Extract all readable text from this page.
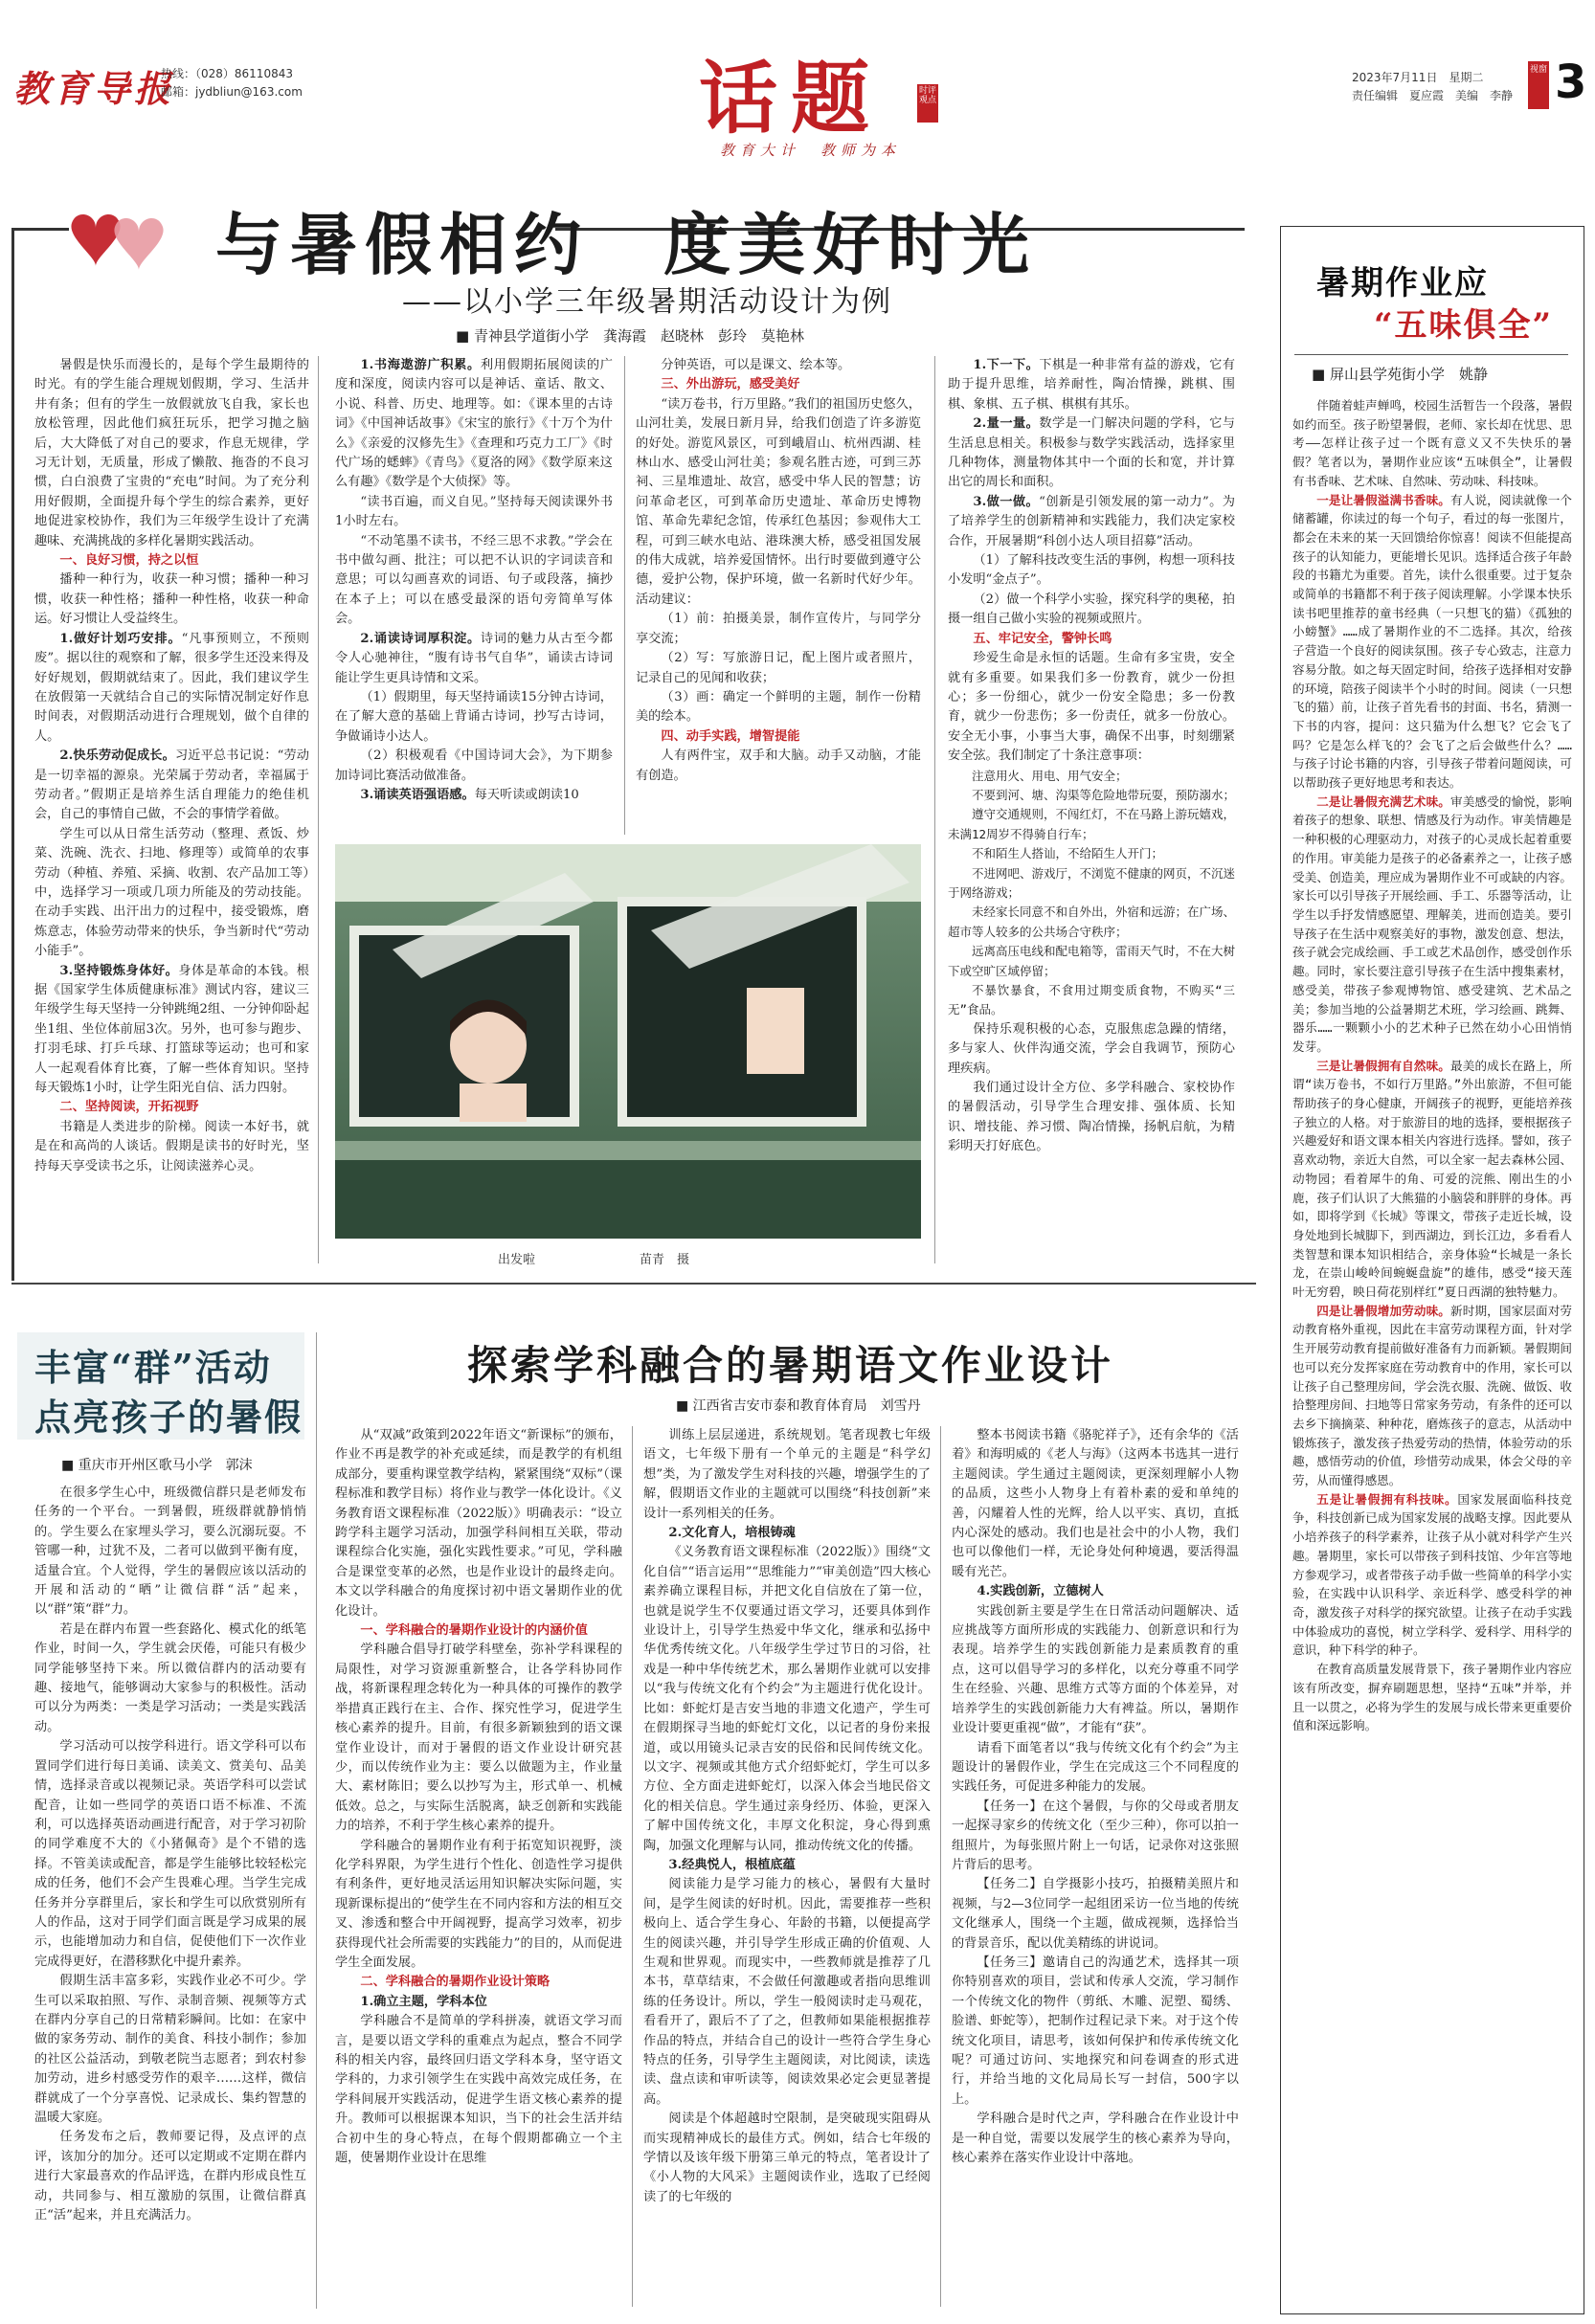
教育导报
热线：（028）86110843
邮箱：jydbliun@163.com	话题	时评观点
教育大计　教师为本
2023年7月11日　星期二
责任编辑　夏应霞　美编　李静
视窗 3
与暑假相约　度美好时光
——以小学三年级暑期活动设计为例
■ 青神县学道街小学　龚海霞　赵晓林　彭玲　莫艳林

暑假是快乐而漫长的，是每个学生最期待的时光。有的学生能合理规划假期，学习、生活井井有条；但有的学生一放假就放飞自我，家长也放松管理，因此他们疯狂玩乐，把学习抛之脑后，大大降低了对自己的要求，作息无规律，学习无计划，无质量，形成了懒散、拖沓的不良习惯，白白浪费了宝贵的“充电”时间。为了充分利用好假期，全面提升每个学生的综合素养，更好地促进家校协作，我们为三年级学生设计了充满趣味、充满挑战的多样化暑期实践活动。

一、良好习惯，持之以恒

播种一种行为，收获一种习惯；播种一种习惯，收获一种性格；播种一种性格，收获一种命运。好习惯让人受益终生。

1.做好计划巧安排。“凡事预则立，不预则废”。据以往的观察和了解，很多学生还没来得及好好规划，假期就结束了。因此，我们建议学生在放假第一天就结合自己的实际情况制定好作息时间表，对假期活动进行合理规划，做个自律的人。

2.快乐劳动促成长。习近平总书记说：“劳动是一切幸福的源泉。光荣属于劳动者，幸福属于劳动者。”假期正是培养生活自理能力的绝佳机会，自己的事情自己做，不会的事情学着做。

学生可以从日常生活劳动（整理、煮饭、炒菜、洗碗、洗衣、扫地、修理等）或简单的农事劳动（种植、养殖、采摘、收割、农产品加工等）中，选择学习一项或几项力所能及的劳动技能。在动手实践、出汗出力的过程中，接受锻炼，磨炼意志，体验劳动带来的快乐，争当新时代“劳动小能手”。

3.坚持锻炼身体好。身体是革命的本钱。根据《国家学生体质健康标准》测试内容，建议三年级学生每天坚持一分钟跳绳2组、一分钟仰卧起坐1组、坐位体前屈3次。另外，也可参与跑步、打羽毛球、打乒乓球、打篮球等运动；也可和家人一起观看体育比赛，了解一些体育知识。坚持每天锻炼1小时，让学生阳光自信、活力四射。

二、坚持阅读，开拓视野

书籍是人类进步的阶梯。阅读一本好书，就是在和高尚的人谈话。假期是读书的好时光，坚持每天享受读书之乐，让阅读滋养心灵。

1.书海遨游广积累。利用假期拓展阅读的广度和深度，阅读内容可以是神话、童话、散文、小说、科普、历史、地理等。如：《课本里的古诗词》《中国神话故事》《宋宝的旅行》《十万个为什么》《亲爱的汉修先生》《查理和巧克力工厂》《时代广场的蟋蟀》《青鸟》《夏洛的网》《数学原来这么有趣》《数学是个大侦探》等。

“读书百遍，而义自见。”坚持每天阅读课外书1小时左右。

“不动笔墨不读书，不经三思不求教。”学会在书中做勾画、批注；可以把不认识的字词读音和意思；可以勾画喜欢的词语、句子或段落，摘抄在本子上；可以在感受最深的语句旁简单写体会。

2.诵读诗词厚积淀。诗词的魅力从古至今都令人心驰神往，“腹有诗书气自华”，诵读古诗词能让学生更具诗情和文采。

（1）假期里，每天坚持诵读15分钟古诗词，在了解大意的基础上背诵古诗词，抄写古诗词，争做诵诗小达人。

（2）积极观看《中国诗词大会》，为下期参加诗词比赛活动做准备。

3.诵读英语强语感。每天听读或朗读10

分钟英语，可以是课文、绘本等。

三、外出游玩，感受美好

“读万卷书，行万里路。”我们的祖国历史悠久，山河壮美，发展日新月异，给我们创造了许多游览的好处。游览风景区，可到峨眉山、杭州西湖、桂林山水、感受山河壮美；参观名胜古迹，可到三苏祠、三星堆遗址、故宫，感受中华人民的智慧；访问革命老区，可到革命历史遗址、革命历史博物馆、革命先辈纪念馆，传承红色基因；参观伟大工程，可到三峡水电站、港珠澳大桥，感受祖国发展的伟大成就，培养爱国情怀。出行时要做到遵守公德，爱护公物，保护环境，做一名新时代好少年。活动建议：

（1）前：拍摄美景，制作宣传片，与同学分享交流；

（2）写：写旅游日记，配上图片或者照片，记录自己的见闻和收获；

（3）画：确定一个鲜明的主题，制作一份精美的绘本。

四、动手实践，增智提能

人有两件宝，双手和大脑。动手又动脑，才能有创造。

1.下一下。下棋是一种非常有益的游戏，它有助于提升思维，培养耐性，陶冶情操，跳棋、围棋、象棋、五子棋、棋棋有其乐。

2.量一量。数学是一门解决问题的学科，它与生活息息相关。积极参与数学实践活动，选择家里几种物体，测量物体其中一个面的长和宽，并计算出它的周长和面积。

3.做一做。“创新是引领发展的第一动力”。为了培养学生的创新精神和实践能力，我们决定家校合作，开展暑期“科创小达人项目招募”活动。

（1）了解科技改变生活的事例，构想一项科技小发明“金点子”。

（2）做一个科学小实验，探究科学的奥秘，拍摄一组自己做小实验的视频或照片。

五、牢记安全，警钟长鸣

珍爱生命是永恒的话题。生命有多宝贵，安全就有多重要。如果我们多一份教育，就少一份担心；多一份细心，就少一份安全隐患；多一份教育，就少一份悲伤；多一份责任，就多一份放心。安全无小事，小事当大事，确保不出事，时刻绷紧安全弦。我们制定了十条注意事项：

注意用火、用电、用气安全；

不要到河、塘、沟渠等危险地带玩耍，预防溺水；

遵守交通规则，不闯红灯，不在马路上游玩嬉戏，未满12周岁不得骑自行车；

不和陌生人搭讪，不给陌生人开门；

不进网吧、游戏厅，不浏览不健康的网页，不沉迷于网络游戏；

未经家长同意不和自外出，外宿和远游；在广场、超市等人较多的公共场合守秩序；

远离高压电线和配电箱等，雷雨天气时，不在大树下或空旷区域停留；

不暴饮暴食，不食用过期变质食物，不购买“三无”食品。

保持乐观积极的心态，克服焦虑急躁的情绪，多与家人、伙伴沟通交流，学会自我调节，预防心理疾病。

我们通过设计全方位、多学科融合、家校协作的暑假活动，引导学生合理安排、强体质、长知识、增技能、养习惯、陶冶情操，扬帆启航，为精彩明天打好底色。

出发啦	苗青　摄
暑期作业应
“五味俱全”
■ 屏山县学苑街小学　姚静

伴随着蛙声蝉鸣，校园生活暂告一个段落，暑假如约而至。孩子盼望暑假，老师、家长却在忧思、思考——怎样让孩子过一个既有意义又不失快乐的暑假？笔者以为，暑期作业应该“五味俱全”，让暑假有书香味、艺术味、自然味、劳动味、科技味。

一是让暑假溢满书香味。有人说，阅读就像一个储蓄罐，你读过的每一个句子，看过的每一张图片，都会在未来的某一天回馈给你惊喜！阅读不但能提高孩子的认知能力，更能增长见识。选择适合孩子年龄段的书籍尤为重要。首先，读什么很重要。过于复杂或简单的书籍都不利于孩子阅读理解。小学课本快乐读书吧里推荐的童书经典（一只想飞的猫）《孤独的小螃蟹》……成了暑期作业的不二选择。其次，给孩子营造一个良好的阅读氛围。孩子专心致志，注意力容易分散。如之每天固定时间，给孩子选择相对安静的环境，陪孩子阅读半个小时的时间。阅读（一只想飞的猫）前，让孩子首先看书的封面、书名，猜测一下书的内容，提问：这只猫为什么想飞？它会飞了吗？它是怎么样飞的？会飞了之后会做些什么？……与孩子讨论书籍的内容，引导孩子带着问题阅读，可以帮助孩子更好地思考和表达。

二是让暑假充满艺术味。审美感受的愉悦，影响着孩子的想象、联想、情感及行为动作。审美情趣是一种积极的心理驱动力，对孩子的心灵成长起着重要的作用。审美能力是孩子的必备素养之一，让孩子感受美、创造美，理应成为暑期作业不可或缺的内容。家长可以引导孩子开展绘画、手工、乐器等活动，让学生以手抒发情感愿望、理解美，进而创造美。要引导孩子在生活中观察美好的事物，激发创意、想法，孩子就会完成绘画、手工或艺术品创作，感受创作乐趣。同时，家长要注意引导孩子在生活中搜集素材，感受美，带孩子参观博物馆、感受建筑、艺术品之美；参加当地的公益暑期艺术班，学习绘画、跳舞、器乐……一颗颗小小的艺术种子已然在幼小心田悄悄发芽。

三是让暑假拥有自然味。最美的成长在路上，所谓“读万卷书，不如行万里路。”外出旅游，不但可能帮助孩子的身心健康，开阔孩子的视野，更能培养孩子独立的人格。对于旅游目的地的选择，要根据孩子兴趣爱好和语文课本相关内容进行选择。譬如，孩子喜欢动物，亲近大自然，可以全家一起去森林公园、动物园；看着犀牛的角、可爱的浣熊、刚出生的小鹿，孩子们认识了大熊猫的小脑袋和胖胖的身体。再如，即将学到《长城》等课文，带孩子走近长城，设身处地到长城脚下，到西湖边，到长江边，多看看人类智慧和课本知识相结合，亲身体验“长城是一条长龙，在崇山峻岭间蜿蜒盘旋”的雄伟，感受“接天莲叶无穷碧，映日荷花别样红”夏日西湖的独特魅力。

四是让暑假增加劳动味。新时期，国家层面对劳动教育格外重视，因此在丰富劳动课程方面，针对学生开展劳动教育提前做好准备有力而新颖。暑假期间也可以充分发挥家庭在劳动教育中的作用，家长可以让孩子自己整理房间，学会洗衣服、洗碗、做饭、收拾整理房间、扫地等日常家务劳动，有条件的还可以去乡下摘摘菜、种种花，磨炼孩子的意志，从活动中锻炼孩子，激发孩子热爱劳动的热情，体验劳动的乐趣，感悟劳动的价值，珍惜劳动成果，体会父母的辛劳，从而懂得感恩。

五是让暑假拥有科技味。国家发展面临科技竞争，科技创新已成为国家发展的战略支撑。因此要从小培养孩子的科学素养，让孩子从小就对科学产生兴趣。暑期里，家长可以带孩子到科技馆、少年宫等地方参观学习，或者带孩子动手做一些简单的科学小实验，在实践中认识科学、亲近科学、感受科学的神奇，激发孩子对科学的探究欲望。让孩子在动手实践中体验成功的喜悦，树立学科学、爱科学、用科学的意识，种下科学的种子。

在教育高质量发展背景下，孩子暑期作业内容应该有所改变，摒弃刷题思想，坚持“五味”并举，并且一以贯之，必将为学生的发展与成长带来更重要价值和深远影响。

丰富“群”活动
点亮孩子的暑假
■ 重庆市开州区歌马小学　郭沫

在很多学生心中，班级微信群只是老师发布任务的一个平台。一到暑假，班级群就静悄悄的。学生要么在家埋头学习，要么沉溺玩耍。不管哪一种，过犹不及，二者可以做到平衡有度，适量合宜。个人觉得，学生的暑假应该以活动的开展和活动的“晒”让微信群“活”起来，以“群”策“群”力。

若是在群内布置一些套路化、模式化的纸笔作业，时间一久，学生就会厌倦，可能只有极少同学能够坚持下来。所以微信群内的活动要有趣、接地气，能够调动大家参与的积极性。活动可以分为两类：一类是学习活动；一类是实践活动。

学习活动可以按学科进行。语文学科可以布置同学们进行每日美诵、读美文、赏美句、品美情，选择录音或以视频记录。英语学科可以尝试配音，让如一些同学的英语口语不标准、不流利，可以选择英语动画进行配音，对于学习初阶的同学难度不大的《小猪佩奇》是个不错的选择。不管美读或配音，都是学生能够比较轻松完成的任务，他们不会产生畏难心理。当学生完成任务并分享群里后，家长和学生可以欣赏别所有人的作品，这对于同学们面言既是学习成果的展示，也能增加动力和自信，促使他们下一次作业完成得更好，在潜移默化中提升素养。

假期生活丰富多彩，实践作业必不可少。学生可以采取拍照、写作、录制音频、视频等方式在群内分享自己的日常精彩瞬间。比如：在家中做的家务劳动、制作的美食、科技小制作；参加的社区公益活动，到敬老院当志愿者；到农村参加劳动，进乡村感受劳作的艰辛……这样，微信群就成了一个分享喜悦、记录成长、集约智慧的温暖大家庭。

任务发布之后，教师要记得，及点评的点评，该加分的加分。还可以定期或不定期在群内进行大家最喜欢的作品评选，在群内形成良性互动，共同参与、相互激励的氛围，让微信群真正“活”起来，并且充满活力。

探索学科融合的暑期语文作业设计
■ 江西省吉安市泰和教育体育局　刘雪丹

从“双减”政策到2022年语文“新课标”的颁布，作业不再是教学的补充或延续，而是教学的有机组成部分，要重构课堂教学结构，紧紧围绕“双标”（课程标准和教学目标）将作业与教学一体化设计。《义务教育语文课程标准（2022版）》明确表示：“设立跨学科主题学习活动，加强学科间相互关联，带动课程综合化实施，强化实践性要求。”可见，学科融合是课堂变革的必然，也是作业设计的最终走向。本文以学科融合的角度探讨初中语文暑期作业的优化设计。

一、学科融合的暑期作业设计的内涵价值

学科融合倡导打破学科壁垒，弥补学科课程的局限性，对学习资源重新整合，让各学科协同作战，将新课程理念转化为一种具体的可操作的教学举措真正践行在主、合作、探究性学习，促进学生核心素养的提升。目前，有很多新颖独到的语文课堂作业设计，而对于暑假的语文作业设计研究甚少，而以传统作业为主：要么以做题为主，作业量大、素材陈旧；要么以抄写为主，形式单一、机械低效。总之，与实际生活脱离，缺乏创新和实践能力的培养，不利于学生核心素养的提升。

学科融合的暑期作业有利于拓宽知识视野，淡化学科界限，为学生进行个性化、创造性学习提供有利条件，更好地灵活运用知识解决实际问题，实现新课标提出的“使学生在不同内容和方法的相互交叉、渗透和整合中开阔视野，提高学习效率，初步获得现代社会所需要的实践能力”的目的，从而促进学生全面发展。

二、学科融合的暑期作业设计策略

1.确立主题，学科本位

学科融合不是简单的学科拼凑，就语文学习而言，是要以语文学科的重难点为起点，整合不同学科的相关内容，最终回归语文学科本身，坚守语文学科的，力求引领学生在实践中高效完成任务，在学科间展开实践活动，促进学生语文核心素养的提升。教师可以根据课本知识，当下的社会生活并结合初中生的身心特点，在每个假期都确立一个主题，使暑期作业设计在思维

训练上层层递进，系统规划。笔者现教七年级语文，七年级下册有一个单元的主题是“科学幻想”类，为了激发学生对科技的兴趣，增强学生的了解，假期语文作业的主题就可以围绕“科技创新”来设计一系列相关的任务。

2.文化育人，培根铸魂

《义务教育语文课程标准（2022版）》围绕“文化自信”“语言运用”“思维能力”“审美创造”四大核心素养确立课程目标，并把文化自信放在了第一位，也就是说学生不仅要通过语文学习，还要具体到作业设计上，引导学生热爱中华文化，继承和弘扬中华优秀传统文化。八年级学生学过节日的习俗，社戏是一种中华传统艺术，那么暑期作业就可以安排以“我与传统文化有个约会”为主题进行优化设计。比如：虾蛇灯是吉安当地的非遗文化遗产，学生可在假期探寻当地的虾蛇灯文化，以记者的身份来报道，或以用镜头记录吉安的民俗和民间传统文化。以文字、视频或其他方式介绍虾蛇灯，学生可以多方位、全方面走进虾蛇灯，以深入体会当地民俗文化的相关信息。学生通过亲身经历、体验，更深入了解中国传统文化，丰厚文化积淀，身心得到熏陶，加强文化理解与认同，推动传统文化的传播。

3.经典悦人，根植底蕴

阅读能力是学习能力的核心，暑假有大量时间，是学生阅读的好时机。因此，需要推荐一些积极向上、适合学生身心、年龄的书籍，以便提高学生的阅读兴趣，并引导学生形成正确的价值观、人生观和世界观。而现实中，一些教师就是推荐了几本书，草草结束，不会做任何激趣或者指向思维训练的任务设计。所以，学生一般阅读时走马观花，看看开了，跟后不了了之，但教师如果能根据推荐作品的特点，并结合自己的设计一些符合学生身心特点的任务，引导学生主题阅读，对比阅读，读选读、盘点读和审听读等，阅读效果必定会更显著提高。

阅读是个体超越时空限制，是突破现实阻碍从而实现精神成长的最佳方式。例如，结合七年级的学情以及该年级下册第三单元的特点，笔者设计了《小人物的大风采》主题阅读作业，选取了已经阅读了的七年级的

整本书阅读书籍《骆驼祥子》，还有余华的《活着》和海明威的《老人与海》（这两本书选其一进行主题阅读。学生通过主题阅读，更深刻理解小人物的品质，这些小人物身上有着朴素的爱和单纯的善，闪耀着人性的光辉，给人以平实、真切，直抵内心深处的感动。我们也是社会中的小人物，我们也可以像他们一样，无论身处何种境遇，要活得温暖有光芒。

4.实践创新，立德树人

实践创新主要是学生在日常活动问题解决、适应挑战等方面所形成的实践能力、创新意识和行为表现。培养学生的实践创新能力是素质教育的重点，这可以倡导学习的多样化，以充分尊重不同学生在经验、兴趣、思维方式等方面的个体差异，对培养学生的实践创新能力大有裨益。所以，暑期作业设计要更重视“做”，才能有“获”。

请看下面笔者以“我与传统文化有个约会”为主题设计的暑假作业，学生在完成这三个不同程度的实践任务，可促进多种能力的发展。

【任务一】在这个暑假，与你的父母或者朋友一起探寻家乡的传统文化（至少三种），你可以拍一组照片，为每张照片附上一句话，记录你对这张照片背后的思考。

【任务二】自学摄影小技巧，拍摄精美照片和视频，与2—3位同学一起组团采访一位当地的传统文化继承人，围绕一个主题，做成视频，选择恰当的背景音乐，配以优美精练的讲说词。

【任务三】邀请自己的沟通艺术，选择其一项你特别喜欢的项目，尝试和传承人交流，学习制作一个传统文化的物件（剪纸、木雕、泥塑、蜀绣、脸谱、虾蛇等），把制作过程记录下来。对于这个传统文化项目，请思考，该如何保护和传承传统文化呢？可通过访问、实地探究和问卷调查的形式进行，并给当地的文化局局长写一封信，500字以上。

学科融合是时代之声，学科融合在作业设计中是一种自觉，需要以发展学生的核心素养为导向，核心素养在落实作业设计中落地。
